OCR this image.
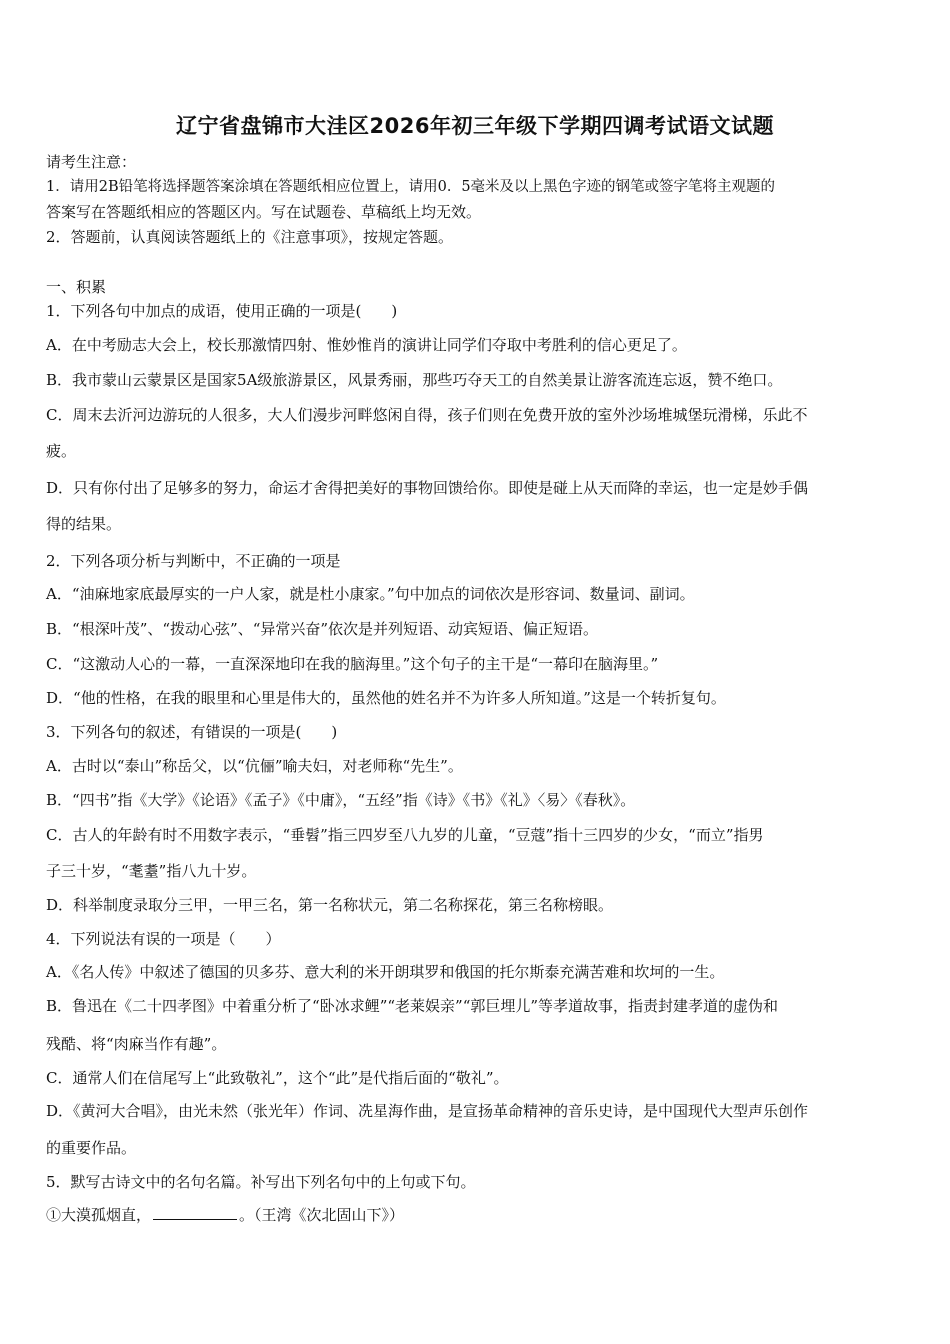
辽宁省盘锦市大洼区2026年初三年级下学期四调考试语文试题
请考生注意：
1．请用2B铅笔将选择题答案涂填在答题纸相应位置上，请用0．5毫米及以上黑色字迹的钢笔或签字笔将主观题的
答案写在答题纸相应的答题区内。写在试题卷、草稿纸上均无效。
2．答题前，认真阅读答题纸上的《注意事项》，按规定答题。
一、积累
1．下列各句中加点的成语，使用正确的一项是(　　)
A．在中考励志大会上，校长那激情四射、惟妙惟肖的演讲让同学们夺取中考胜利的信心更足了。
B．我市蒙山云蒙景区是国家5A级旅游景区，风景秀丽，那些巧夺天工的自然美景让游客流连忘返，赞不绝口。
C．周末去沂河边游玩的人很多，大人们漫步河畔悠闲自得，孩子们则在免费开放的室外沙场堆城堡玩滑梯，乐此不
疲。
D．只有你付出了足够多的努力，命运才舍得把美好的事物回馈给你。即使是碰上从天而降的幸运，也一定是妙手偶
得的结果。
2．下列各项分析与判断中，不正确的一项是
A．“油麻地家底最厚实的一户人家，就是杜小康家。”句中加点的词依次是形容词、数量词、副词。
B．“根深叶茂”、“拨动心弦”、“异常兴奋”依次是并列短语、动宾短语、偏正短语。
C．“这激动人心的一幕，一直深深地印在我的脑海里。”这个句子的主干是“一幕印在脑海里。”
D．“他的性格，在我的眼里和心里是伟大的，虽然他的姓名并不为许多人所知道。”这是一个转折复句。
3．下列各句的叙述，有错误的一项是(　　)
A．古时以“泰山”称岳父，以“伉俪”喻夫妇，对老师称“先生”。
B．“四书”指《大学》《论语》《孟子》《中庸》，“五经”指《诗》《书》《礼》〈易〉《春秋》。
C．古人的年龄有时不用数字表示，“垂髫”指三四岁至八九岁的儿童，“豆蔻”指十三四岁的少女，“而立”指男
子三十岁，“耄耋”指八九十岁。
D．科举制度录取分三甲，一甲三名，第一名称状元，第二名称探花，第三名称榜眼。
4．下列说法有误的一项是（　　）
A．《名人传》中叙述了德国的贝多芬、意大利的米开朗琪罗和俄国的托尔斯泰充满苦难和坎坷的一生。
B．鲁迅在《二十四孝图》中着重分析了“卧冰求鲤”“老莱娱亲”“郭巨埋儿”等孝道故事，指责封建孝道的虚伪和
残酷、将“肉麻当作有趣”。
C．通常人们在信尾写上“此致敬礼”，这个“此”是代指后面的“敬礼”。
D．《黄河大合唱》，由光未然（张光年）作词、冼星海作曲，是宣扬革命精神的音乐史诗，是中国现代大型声乐创作
的重要作品。
5．默写古诗文中的名句名篇。补写出下列名句中的上句或下句。
①大漠孤烟直，	。（王湾《次北固山下》）
